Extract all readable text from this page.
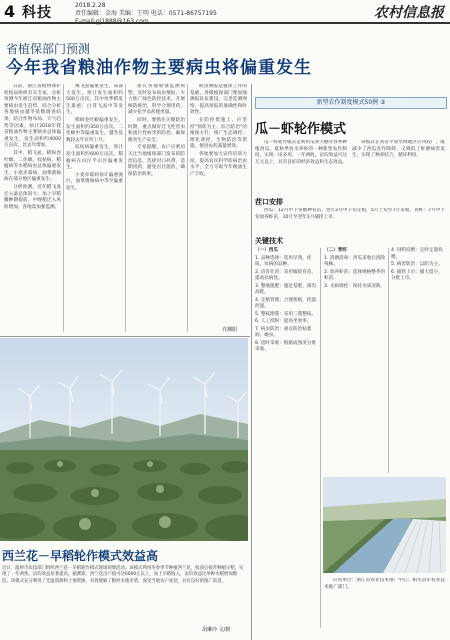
4 科技	2018.2.28
责任编辑：金海 美编：王明 电话：0571-86757195
E-mail:gj1888@163.com
农村信息报
省植保部门预测
今年我省粮油作物主要病虫将偏重发生

日前，浙江省植物保护检疫局组织有关专家，分析预测今年浙江省粮油作物主要病虫发生趋势。综合分析各地病虫越冬基数调查结果，结合作物布局、天气趋势等因素，预计2018年我省粮油作物主要病虫总体偏重发生，发生面积约4000万亩次，比去年增加。

其中，稻飞虱、稻纵卷叶螟、二化螟、纹枯病、稻瘟病等水稻病虫总体偏重发生，小麦赤霉病、油菜菌核病在部分地区偏重发生。

分析预测，近年稻飞虱迁入量总体较大，加上早稻播种期提前，中晚稻迁入风险增加，各地需加强监测。

褐飞虱偏重发生，局部大发生。预计发生面积约500万亩次，其中单季稻发生最重；白背飞虱中等发生。

稻纵卷叶螟偏重发生，发生面积约350万亩次。二化螟中等偏重发生，越冬基数较去年有所上升。

纹枯病偏重发生，预计发生面积约600万亩次，稻瘟病在山区半山区偏重发生。

小麦赤霉病预计偏重流行，油菜菌核病中等至偏重发生。

建议各地加强监测预警，及时发布病虫情报；大力推广绿色防控技术，开展统防统治，科学合理用药，减少化学农药使用量。

同时，要抓住关键防治时期，重点做好迁飞性害虫和流行性病害的防控，确保粮食生产安全。

专家提醒，农户应密切关注当地植保部门发布的防治信息，选择对口药剂，适期用药，避免盲目施药，确保防治效果。

病虫测报是植保工作的基础，各级植保部门要加强测报队伍建设，完善监测网络，提高预报的准确性和时效性。

在防控措施上，应坚持"预防为主、综合防治"的植保方针，推广生态调控、理化诱控、生物防治等措施，推进农药减量增效。

各地要加大宣传培训力度，提高农民科学防病治虫水平，全力夺取今年粮油生产丰收。

许渊阳
西兰花－早稻轮作模式效益高
近日，温岭市农技部门组织西兰花－早稻轮作模式现场观摩活动。该模式利用冬春季节种植西兰花，收获后接茬种植早稻，实现了一年两熟，亩均效益显著提高。据测算，西兰花亩产值可达6000元以上，加上早稻收入，亩均效益比单种水稻增加数倍。该模式充分利用了光温资源和土地资源，有效缓解了粮经争地矛盾，深受当地农户欢迎，具有良好的推广前景。
胡琳玲 文/摄
新型农作制度模式50例 ③
瓜－虾轮作模式

瓜－虾轮作模式是利用瓜果大棚冬春季种植西瓜，夏秋季放水养虾的一种新型农作制度，实现一田多用、一年两收，亩均效益可达万元以上，具有良好的经济效益和生态效益。

该模式在我省平原水网地区应用较广，既减少了西瓜连作障碍，又降低了虾塘病害发生，实现了种养结合、循环利用。

茬口安排

西瓜：12月中下旬播种育苗，翌年2月中下旬定植，5月上旬至7月采收。青虾：7月中下旬放养虾苗，10月至翌年1月捕捞上市。

关键技术
（一）西瓜
1. 品种选择：选用早熟、优质、抗病的品种。
2. 培育壮苗：采用嫁接育苗，提高抗病性。
3. 整地施肥：施足基肥，深沟高畦。
4. 定植管理：合理密植，控温控湿。
5. 整枝理蔓：采用三蔓整枝。
6. 人工授粉：提高坐果率。
7. 病虫防治：重点防治枯萎病、蚜虫。
8. 适时采收：根据成熟度分批采收。
（二）青虾
1. 清塘消毒：西瓜采收后清除残株。
2. 放养虾苗：选择规格整齐的虾苗。
3. 水质调控：保持水质清新。
4. 饲料投喂：定时定量投喂。
5. 病害防治：以防为主。
6. 捕捞上市：捕大留小，分批上市。

应用单位：浙江省农业技术推广中心；相关县市农业技术推广部门。
